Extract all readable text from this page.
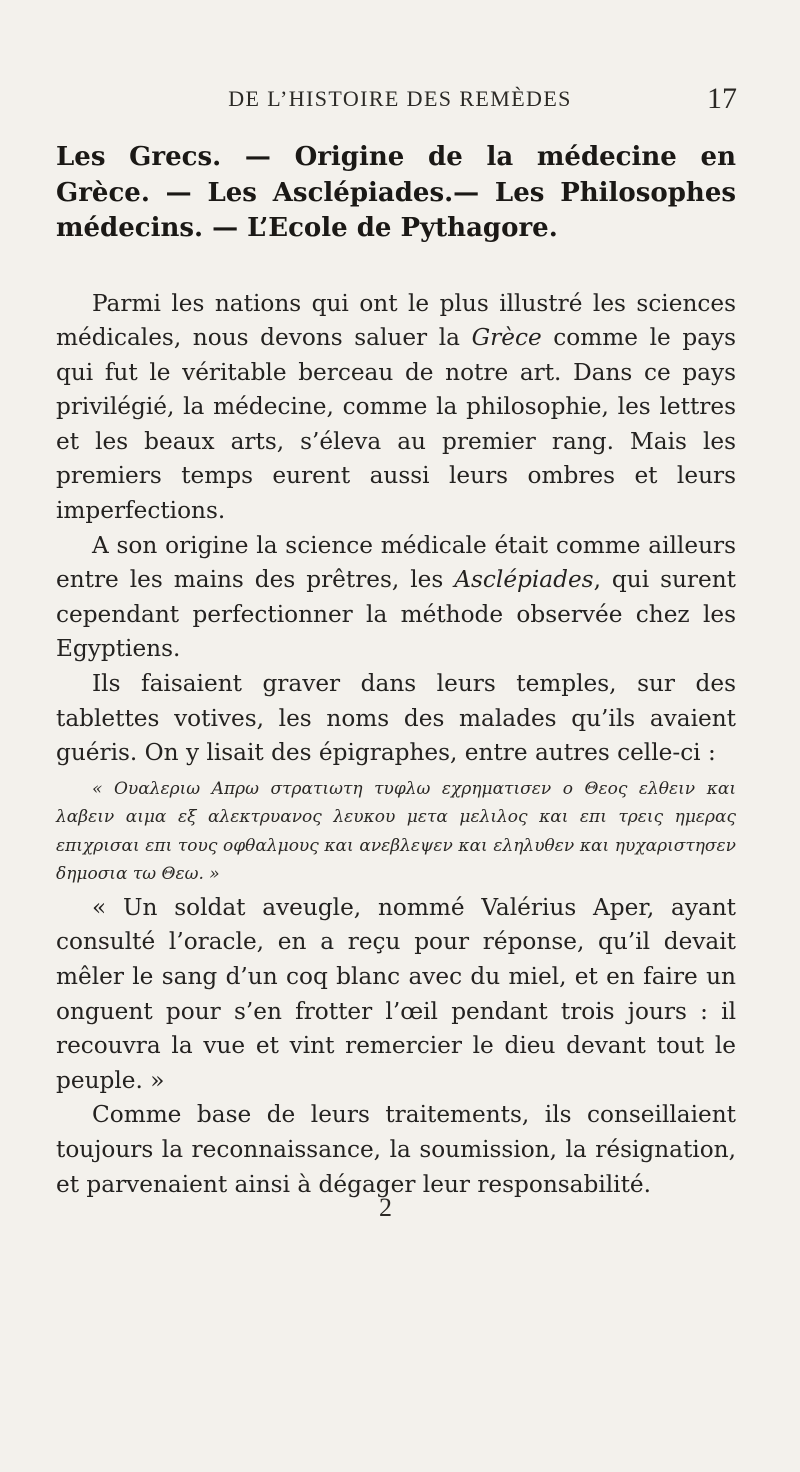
DE L’HISTOIRE DES REMÈDES	17

Les Grecs. — Origine de la médecine en Grèce. — Les Asclépiades.— Les Philosophes médecins. — L’Ecole de Pythagore.

Parmi les nations qui ont le plus illustré les sciences médicales, nous devons saluer la Grèce comme le pays qui fut le véritable berceau de notre art. Dans ce pays privilégié, la médecine, comme la philosophie, les lettres et les beaux arts, s’éleva au premier rang. Mais les premiers temps eurent aussi leurs ombres et leurs imperfections.

A son origine la science médicale était comme ailleurs entre les mains des prêtres, les Asclépiades, qui surent cependant perfectionner la méthode observée chez les Egyptiens.

Ils faisaient graver dans leurs temples, sur des tablettes votives, les noms des malades qu’ils avaient guéris. On y lisait des épigraphes, entre autres celle-ci :

« Ουαλεριω Απρω στρατιωτη τυφλω εχρηματισεν ο Θεος ελθειν και λαβειν αιμα εξ αλεκτρυανος λευκου μετα μελιλος και επι τρεις ημερας επιχρισαι επι τους οφθαλμους και ανεβλεψεν και εληλυθεν και ηυχαριστησεν δημοσια τω Θεω. »

« Un soldat aveugle, nommé Valérius Aper, ayant consulté l’oracle, en a reçu pour réponse, qu’il devait mêler le sang d’un coq blanc avec du miel, et en faire un onguent pour s’en frotter l’œil pendant trois jours : il recouvra la vue et vint remercier le dieu devant tout le peuple. »

Comme base de leurs traitements, ils conseillaient toujours la reconnaissance, la soumission, la résignation, et parvenaient ainsi à dégager leur responsabilité.

2
